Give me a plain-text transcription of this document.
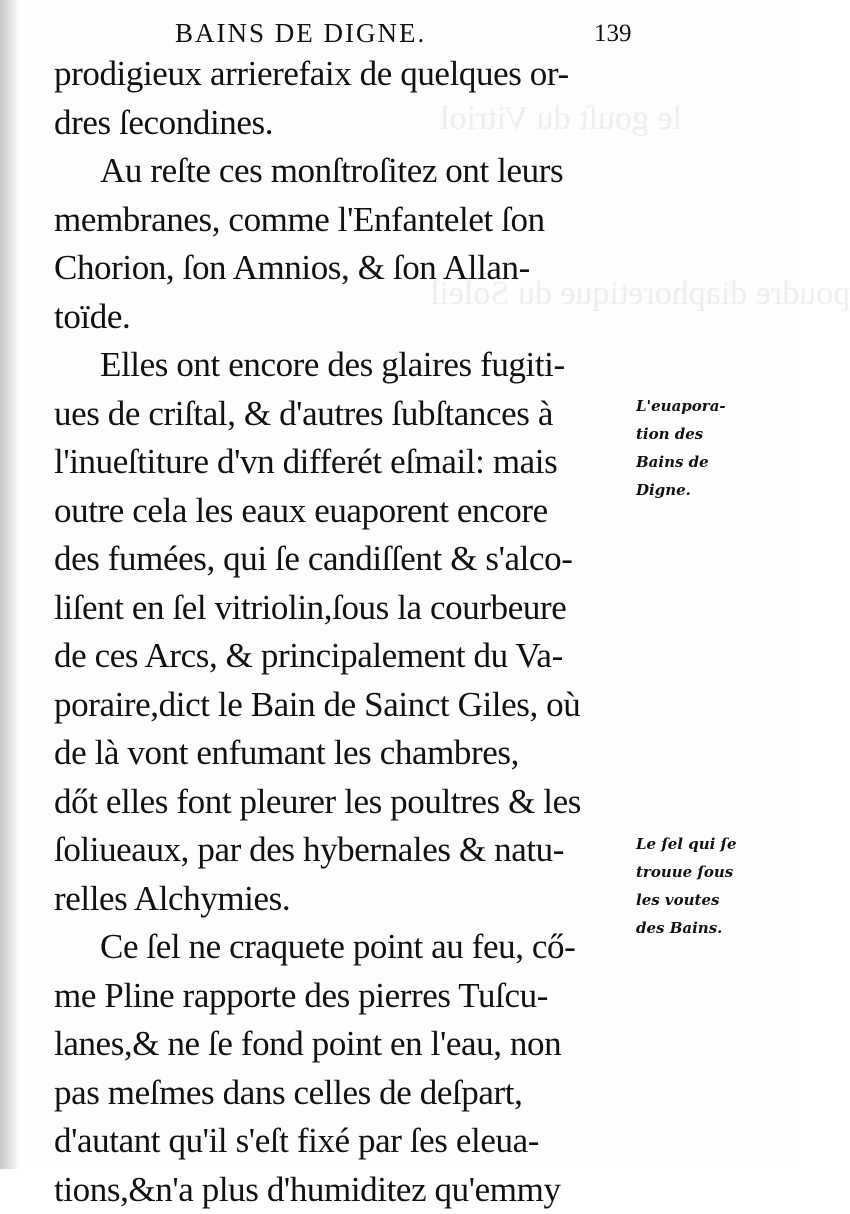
le gouſt du Vitriol
poudre diaphoretique du Soleil
BAINS DE DIGNE.	139
prodigieux arrierefaix de quelques or-
dres ſecondines.
Au reſte ces monſtroſitez ont leurs
membranes, comme l'Enfantelet ſon
Chorion, ſon Amnios, & ſon Allan-
toïde.
Elles ont encore des glaires fugiti-
ues de criſtal, & d'autres ſubſtances à
l'inueſtiture d'vn differét eſmail: mais
outre cela les eaux euaporent encore
des fumées, qui ſe candiſſent & s'alco-
liſent en ſel vitriolin,ſous la courbeure
de ces Arcs, & principalement du Va-
poraire,dict le Bain de Sainct Giles, où
de là vont enfumant les chambres,
dőt elles font pleurer les poultres & les
ſoliueaux, par des hybernales & natu-
relles Alchymies.
Ce ſel ne craquete point au feu, cő-
me Pline rapporte des pierres Tuſcu-
lanes,& ne ſe fond point en l'eau, non
pas meſmes dans celles de deſpart,
d'autant qu'il s'eſt fixé par ſes eleua-
tions,&n'a plus d'humiditez qu'emmy
L'euapora-
tion des
Bains de
Digne.
Le ſel qui ſe
trouue ſous
les voutes
des Bains.
